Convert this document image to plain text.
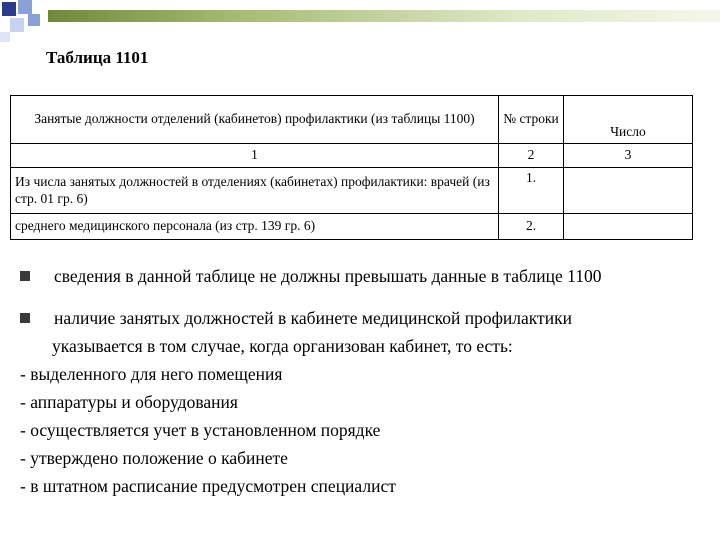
Таблица 1101
Занятые должности отделений (кабинетов) профилактики (из таблицы 1100)	№ строки	Число
1	2	3
Из числа занятых должностей в отделениях (кабинетах) профилактики: врачей (из стр. 01 гр. 6)	1.	
среднего медицинского персонала (из стр. 139 гр. 6)	2.	
сведения в данной таблице не должны превышать данные в таблице 1100
наличие занятых должностей в кабинете медицинской профилактики
указывается в том случае, когда организован кабинет, то есть:
- выделенного для него помещения
- аппаратуры и оборудования
- осуществляется учет в установленном порядке
- утверждено положение о кабинете
- в штатном расписание предусмотрен специалист
